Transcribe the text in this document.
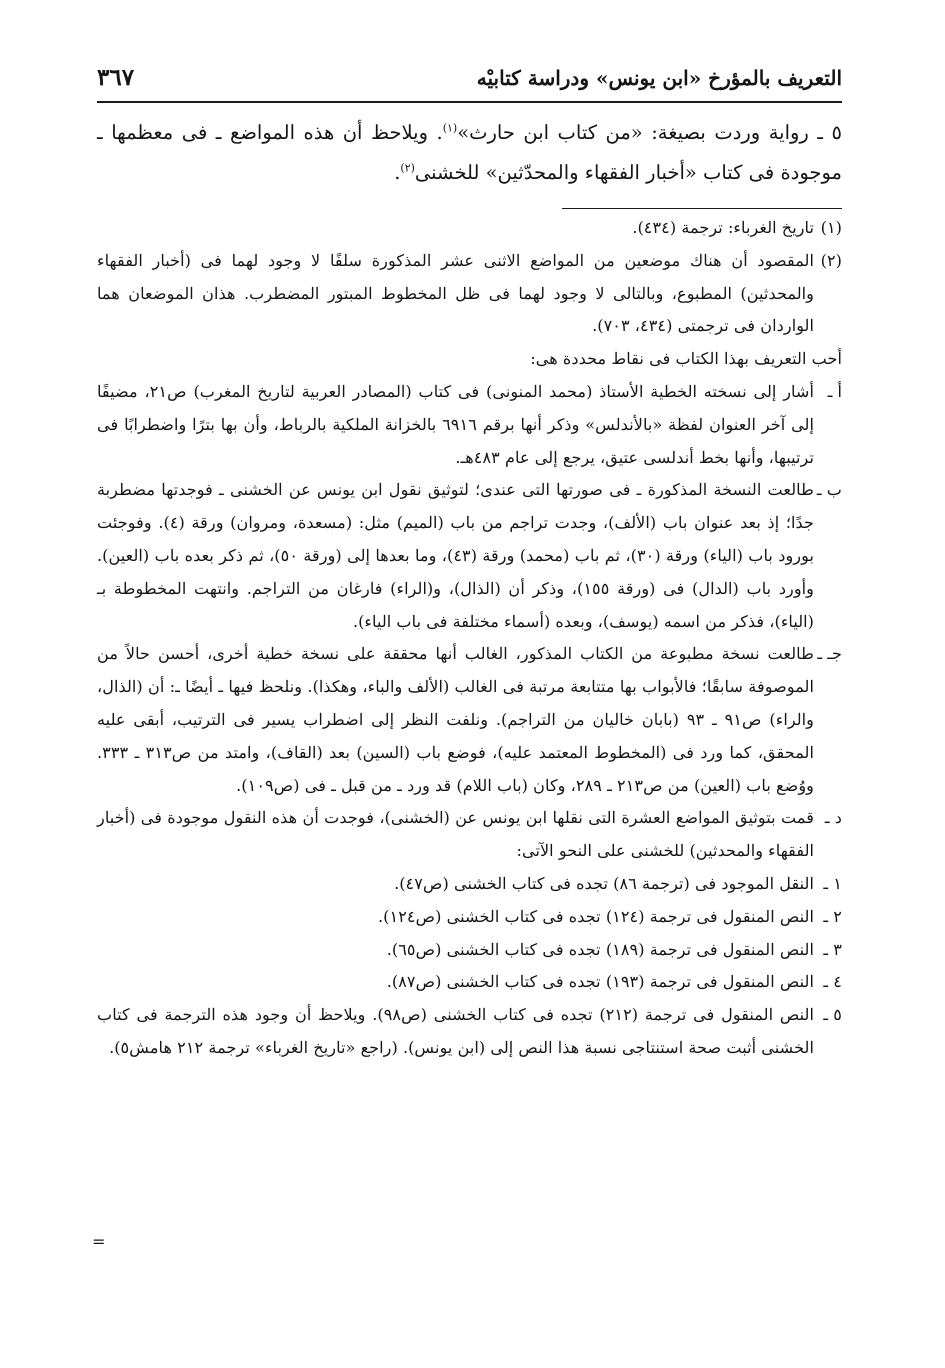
التعريف بالمؤرخ «ابن يونس» ودراسة كتابيْه
٣٦٧

٥ ـ رواية وردت بصيغة: «من كتاب ابن حارث»$^{(١)}$. ويلاحظ أن هذه المواضع ـ فى معظمها ـ موجودة فى كتاب «أخبار الفقهاء والمحدّثين» للخشنى$^{(٢)}$.

(١)تاريخ الغرباء: ترجمة (٤٣٤).

(٢)المقصود أن هناك موضعين من المواضع الاثنى عشر المذكورة سلفًا لا وجود لهما فى (أخبار الفقهاء والمحدثين) المطبوع، وبالتالى لا وجود لهما فى ظل المخطوط المبتور المضطرب. هذان الموضعان هما الواردان فى ترجمتى (٤٣٤، ٧٠٣).

أحب التعريف بهذا الكتاب فى نقاط محددة هى:

أ ـأشار إلى نسخته الخطية الأستاذ (محمد المنونى) فى كتاب (المصادر العربية لتاريخ المغرب) ص٢١، مضيفًا إلى آخر العنوان لفظة «بالأندلس» وذكر أنها برقم ٦٩١٦ بالخزانة الملكية بالرباط، وأن بها بترًا واضطرابًا فى ترتيبها، وأنها بخط أندلسى عتيق، يرجع إلى عام ٤٨٣هـ.

ب ـطالعت النسخة المذكورة ـ فى صورتها التى عندى؛ لتوثيق نقول ابن يونس عن الخشنى ـ فوجدتها مضطربة جدًا؛ إذ بعد عنوان باب (الألف)، وجدت تراجم من باب (الميم) مثل: (مسعدة، ومروان) ورقة (٤). وفوجئت بورود باب (الياء) ورقة (٣٠)، ثم باب (محمد) ورقة (٤٣)، وما بعدها إلى (ورقة ٥٠)، ثم ذكر بعده باب (العين). وأورد باب (الدال) فى (ورقة ١٥٥)، وذكر أن (الذال)، و(الراء) فارغان من التراجم. وانتهت المخطوطة بـ (الياء)، فذكر من اسمه (يوسف)، وبعده (أسماء مختلفة فى باب الياء).

جـ ـطالعت نسخة مطبوعة من الكتاب المذكور، الغالب أنها محققة على نسخة خطية أخرى، أحسن حالاً من الموصوفة سابقًا؛ فالأبواب بها متتابعة مرتبة فى الغالب (الألف والباء، وهكذا). ونلحظ فيها ـ أيضًا ـ: أن (الذال، والراء) ص٩١ ـ ٩٣ (بابان خاليان من التراجم). ونلفت النظر إلى اضطراب يسير فى الترتيب، أبقى عليه المحقق، كما ورد فى (المخطوط المعتمد عليه)، فوضع باب (السين) بعد (القاف)، وامتد من ص٣١٣ ـ ٣٣٣. ووُضع باب (العين) من ص٢١٣ ـ ٢٨٩، وكان (باب اللام) قد ورد ـ من قبل ـ فى (ص١٠٩).

د ـقمت بتوثيق المواضع العشرة التى نقلها ابن يونس عن (الخشنى)، فوجدت أن هذه النقول موجودة فى (أخبار الفقهاء والمحدثين) للخشنى على النحو الآتى:

١ ـالنقل الموجود فى (ترجمة ٨٦) تجده فى كتاب الخشنى (ص٤٧).

٢ ـالنص المنقول فى ترجمة (١٢٤) تجده فى كتاب الخشنى (ص١٢٤).

٣ ـالنص المنقول فى ترجمة (١٨٩) تجده فى كتاب الخشنى (ص٦٥).

٤ ـالنص المنقول فى ترجمة (١٩٣) تجده فى كتاب الخشنى (ص٨٧).

٥ ـالنص المنقول فى ترجمة (٢١٢) تجده فى كتاب الخشنى (ص٩٨). ويلاحظ أن وجود هذه الترجمة فى كتاب الخشنى أثبت صحة استنتاجى نسبة هذا النص إلى (ابن يونس). (راجع «تاريخ الغرباء» ترجمة ٢١٢ هامش٥).

=
